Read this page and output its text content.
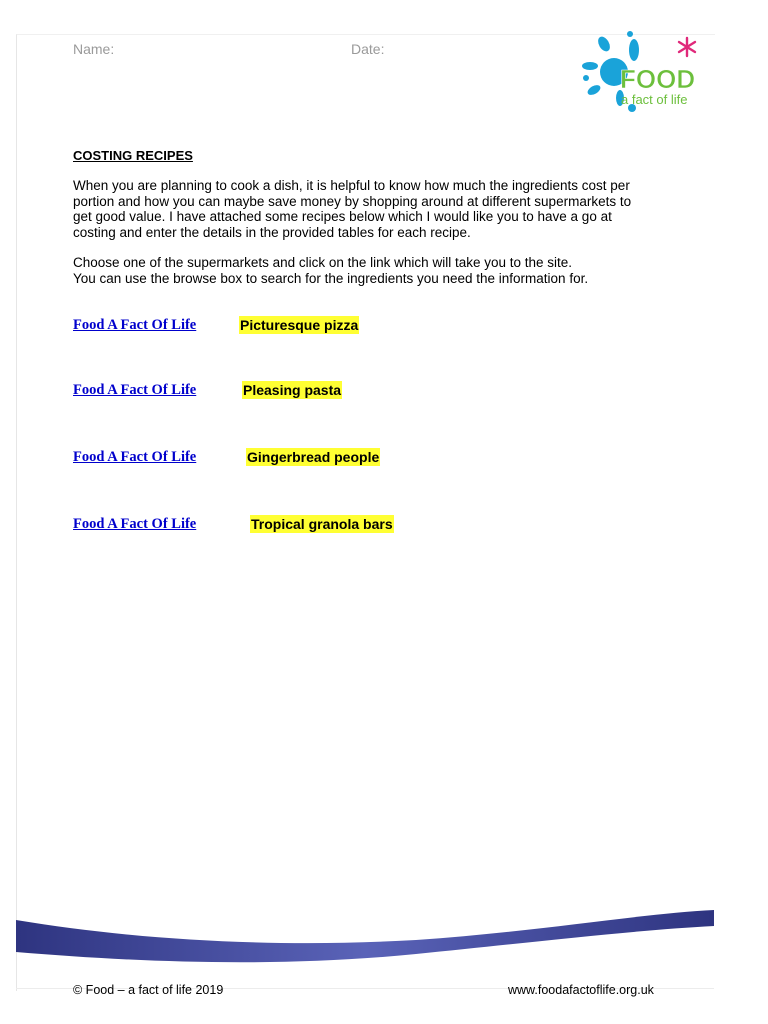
Name:	Date:
FOOD
a fact of life
COSTING RECIPES
When you are planning to cook a dish, it is helpful to know how much the ingredients cost per
portion and how you can maybe save money by shopping around at different supermarkets to
get good value. I have attached some recipes below which I would like you to have a go at
costing and enter the details in the provided tables for each recipe.
Choose one of the supermarkets and click on the link which will take you to the site.
You can use the browse box to search for the ingredients you need the information for.
Food A Fact Of Life	Picturesque pizza
Food A Fact Of Life	Pleasing pasta
Food A Fact Of Life	Gingerbread people
Food A Fact Of Life	Tropical granola bars
© Food – a fact of life 2019	www.foodafactoflife.org.uk
